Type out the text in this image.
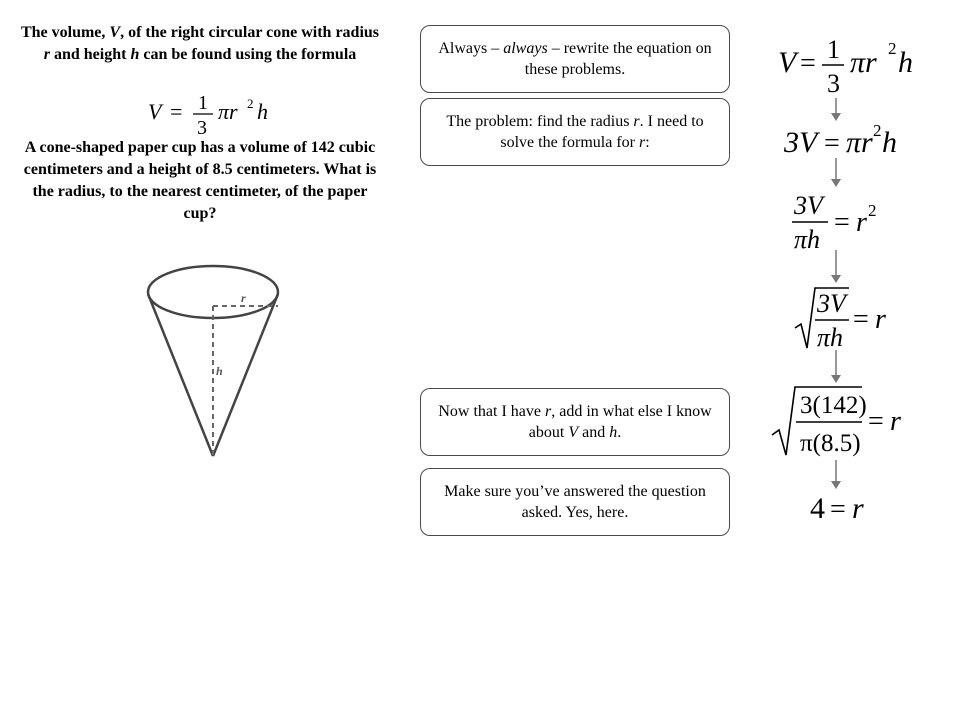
The volume, V, of the right circular cone with radius r and height h can be found using the formula
V = 1
3
πr 2 h
A cone-shaped paper cup has a volume of 142 cubic centimeters and a height of 8.5 centimeters. What is the radius, to the nearest centimeter, of the paper cup?
r
h
Always – always – rewrite the equation on these problems.
The problem: find the radius r. I need to solve the formula for r:
Now that I have r, add in what else I know about V and h.
Make sure you’ve answered the question asked. Yes, here.
V = 1
3
πr 2 h
3V = πr 2 h
3V
πh
= r 2
3V
πh
= r
3(142)
π(8.5)
= r
4 = r
